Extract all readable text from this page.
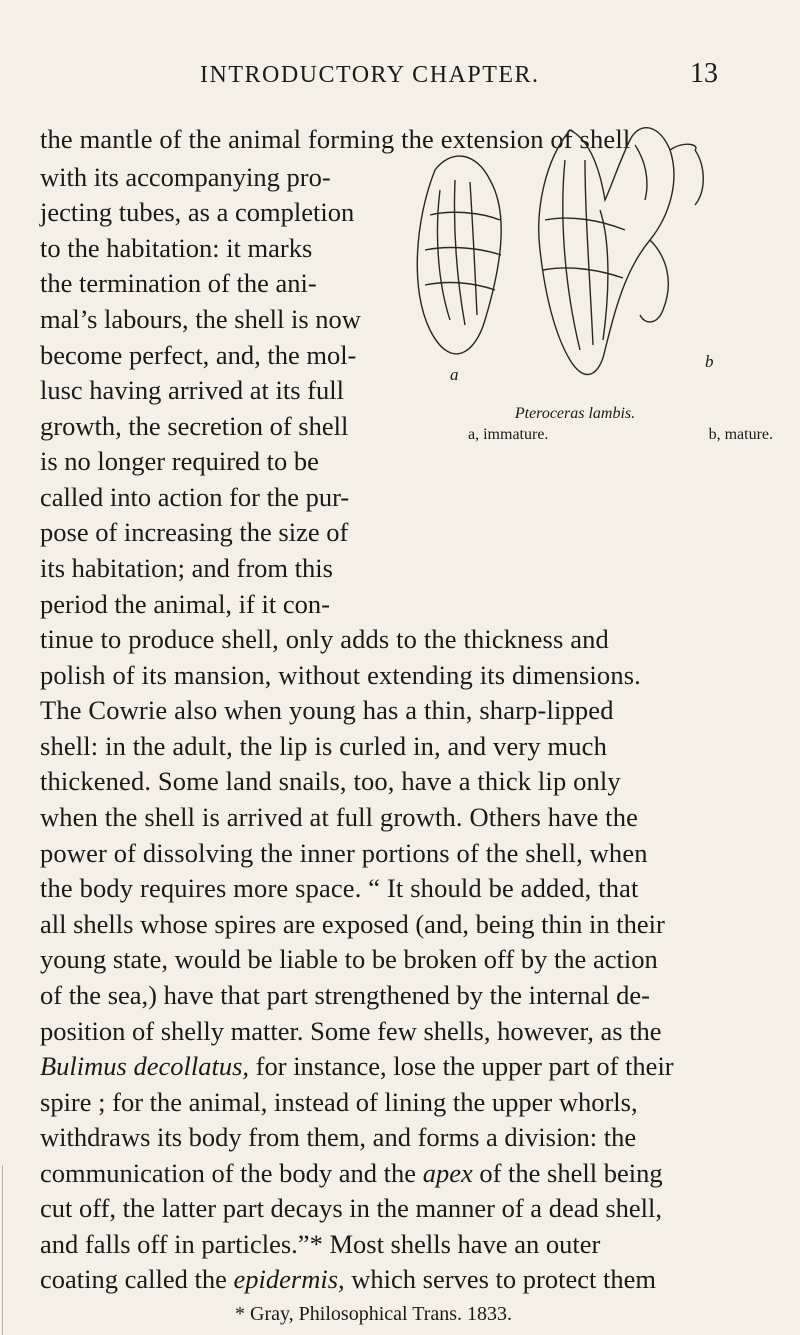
INTRODUCTORY CHAPTER.	13
the mantle of the animal forming the extension of shell
with its accompanying pro-
jecting tubes, as a completion
to the habitation: it marks
the termination of the ani-
mal’s labours, the shell is now
become perfect, and, the mol-
lusc having arrived at its full
growth, the secretion of shell
is no longer required to be
called into action for the pur-
pose of increasing the size of
its habitation; and from this
period the animal, if it con-
tinue to produce shell, only adds to the thickness and
polish of its mansion, without extending its dimensions.
The Cowrie also when young has a thin, sharp-lipped
shell: in the adult, the lip is curled in, and very much
thickened. Some land snails, too, have a thick lip only
when the shell is arrived at full growth. Others have the
power of dissolving the inner portions of the shell, when
the body requires more space. “ It should be added, that
all shells whose spires are exposed (and, being thin in their
young state, would be liable to be broken off by the action
of the sea,) have that part strengthened by the internal de-
position of shelly matter. Some few shells, however, as the
Bulimus decollatus, for instance, lose the upper part of their
spire ; for the animal, instead of lining the upper whorls,
withdraws its body from them, and forms a division: the
communication of the body and the apex of the shell being
cut off, the latter part decays in the manner of a dead shell,
and falls off in particles.”* Most shells have an outer
coating called the epidermis, which serves to protect them
* Gray, Philosophical Trans. 1833.
a
b
Pteroceras lambis.
a, immature.	b, mature.
